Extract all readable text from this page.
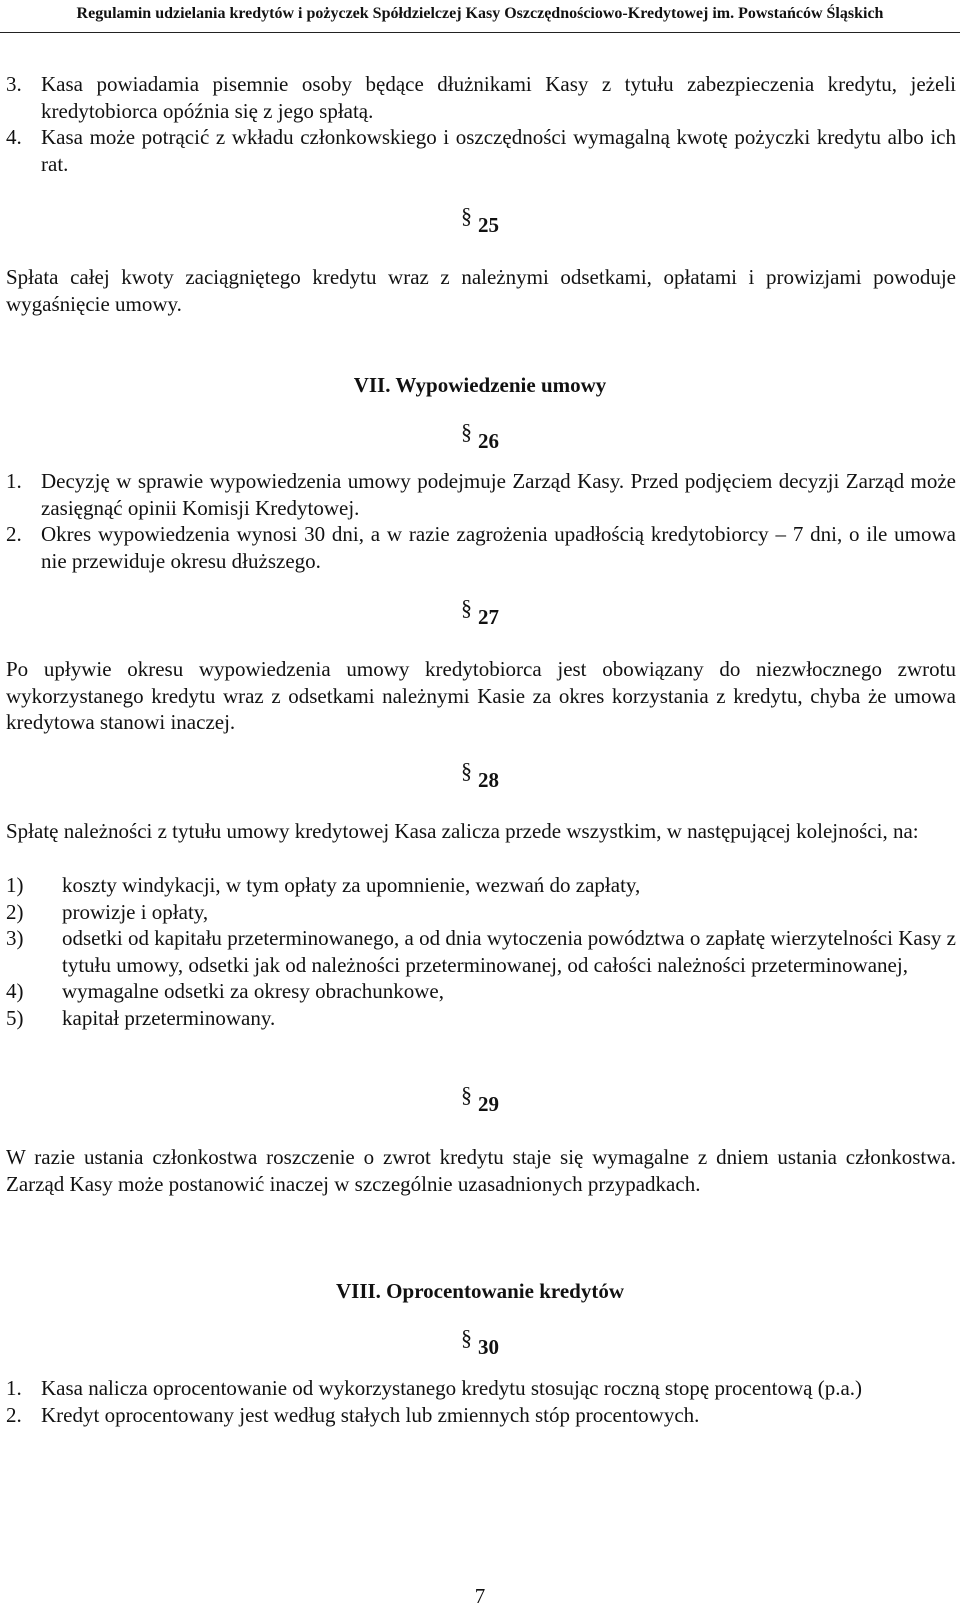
Regulamin udzielania kredytów i pożyczek Spółdzielczej Kasy Oszczędnościowo-Kredytowej im. Powstańców Śląskich
3. Kasa powiadamia pisemnie osoby będące dłużnikami Kasy z tytułu zabezpieczenia kredytu, jeżeli kredytobiorca opóźnia się z jego spłatą.
4. Kasa może potrącić z wkładu członkowskiego i oszczędności wymagalną kwotę pożyczki kredytu albo ich rat.
§ 25
Spłata całej kwoty zaciągniętego kredytu wraz z należnymi odsetkami, opłatami i prowizjami powoduje wygaśnięcie umowy.
VII. Wypowiedzenie umowy
§ 26
1. Decyzję w sprawie wypowiedzenia umowy podejmuje Zarząd Kasy. Przed podjęciem decyzji Zarząd może zasięgnąć opinii Komisji Kredytowej.
2. Okres wypowiedzenia wynosi 30 dni, a w razie zagrożenia upadłością kredytobiorcy – 7 dni, o ile umowa nie przewiduje okresu dłuższego.
§ 27
Po upływie okresu wypowiedzenia umowy kredytobiorca jest obowiązany do niezwłocznego zwrotu wykorzystanego kredytu wraz z odsetkami należnymi Kasie za okres korzystania z kredytu, chyba że umowa kredytowa stanowi inaczej.
§ 28
Spłatę należności z tytułu umowy kredytowej Kasa zalicza przede wszystkim, w następującej kolejności, na:
1)	koszty windykacji, w tym opłaty za upomnienie, wezwań do zapłaty,
2)	prowizje i opłaty,
3)	odsetki od kapitału przeterminowanego, a od dnia wytoczenia powództwa o zapłatę wierzytelności Kasy z tytułu umowy, odsetki jak od należności przeterminowanej, od całości należności przeterminowanej,
4)	wymagalne odsetki za okresy obrachunkowe,
5)	kapitał przeterminowany.
§ 29
W razie ustania członkostwa roszczenie o zwrot kredytu staje się wymagalne z dniem ustania członkostwa. Zarząd Kasy może postanowić inaczej w szczególnie uzasadnionych przypadkach.
VIII. Oprocentowanie kredytów
§ 30
1. Kasa nalicza oprocentowanie od wykorzystanego kredytu stosując roczną stopę procentową (p.a.)
2. Kredyt oprocentowany jest według stałych lub zmiennych stóp procentowych.
7
